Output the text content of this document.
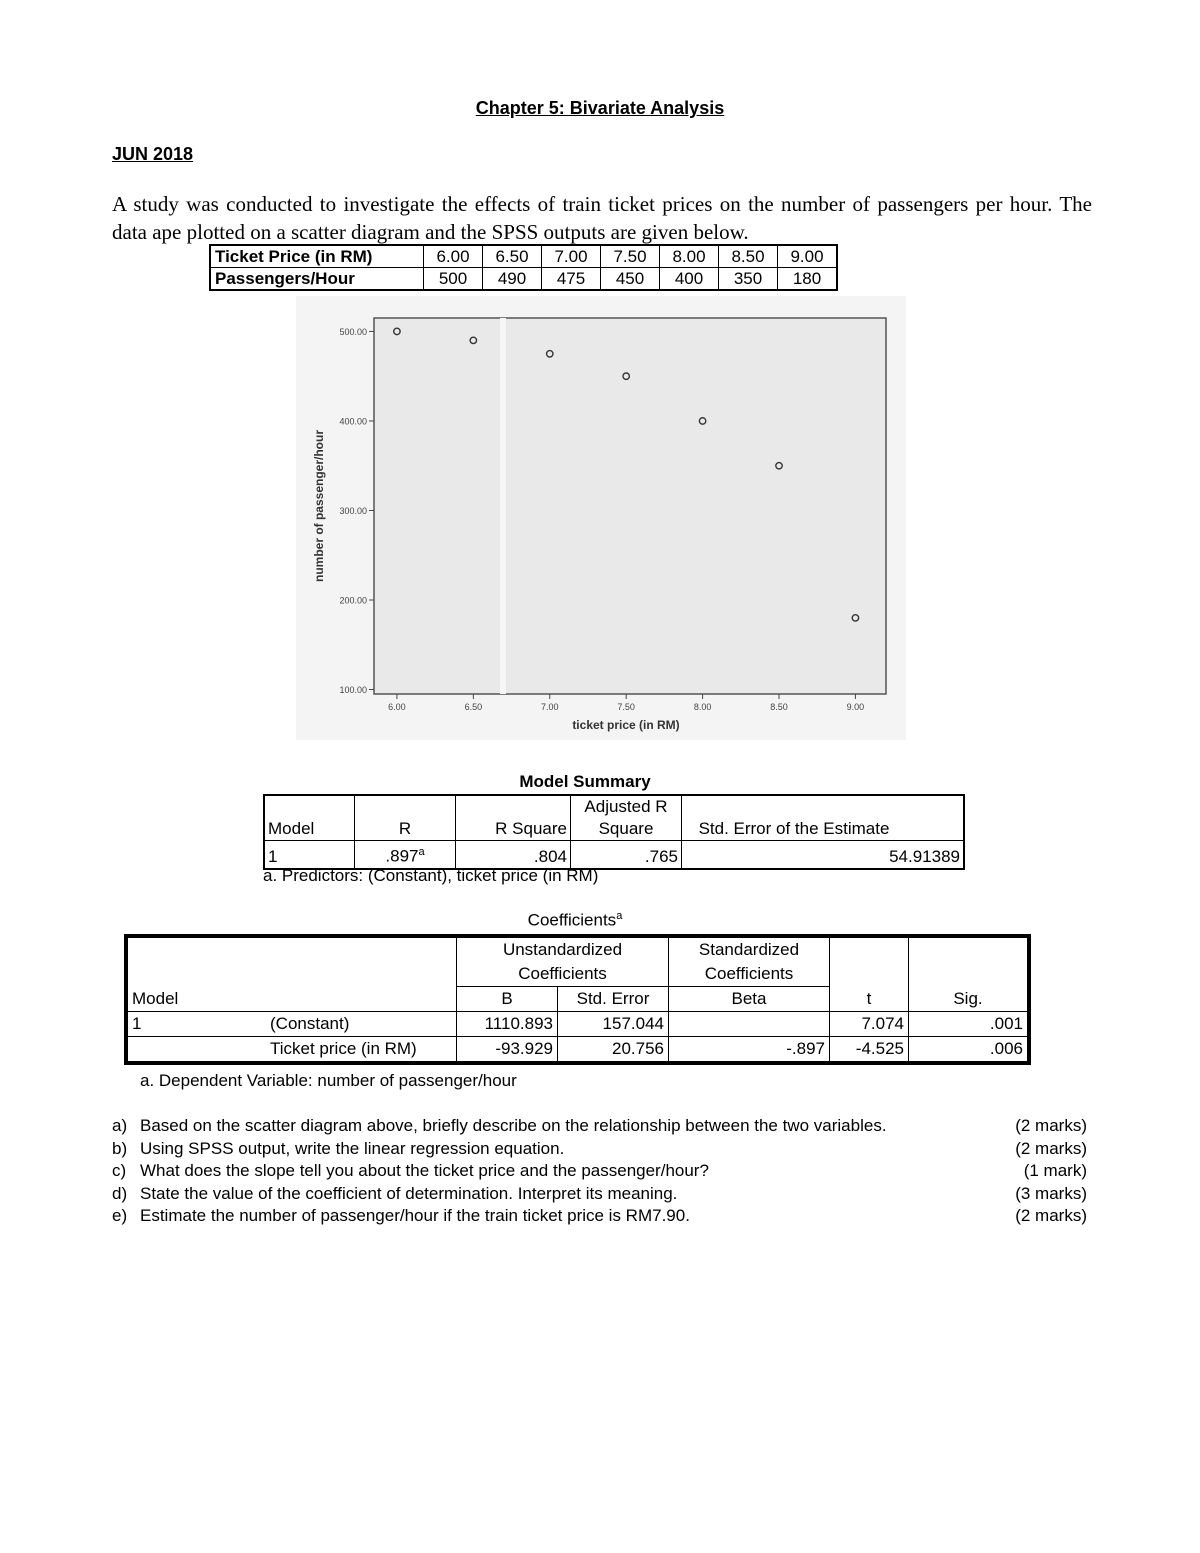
Chapter 5: Bivariate Analysis
JUN 2018
A study was conducted to investigate the effects of train ticket prices on the number of passengers per hour. The data ape plotted on a scatter diagram and the SPSS outputs are given below.
Ticket Price (in RM)	6.00	6.50	7.00	7.50	8.00	8.50	9.00
Passengers/Hour	500	490	475	450	400	350	180
100.00
200.00
300.00
400.00
500.00
6.00	6.50	7.00	7.50	8.00	8.50	9.00
ticket price (in RM)
number of passenger/hour
Model Summary
Model	R	R Square	Adjusted R Square	Std. Error of the Estimate
1	.897$^a$	.804	.765	54.91389
a. Predictors: (Constant), ticket price (in RM)
Coefficients$^a$
Model	Unstandardized Coefficients		Standardized Coefficients	t	Sig.
	B	Std. Error	Beta		
1 (Constant)	1110.893	157.044		7.074	.001
Ticket price (in RM)	-93.929	20.756	-.897	-4.525	.006
a. Dependent Variable: number of passenger/hour
a) Based on the scatter diagram above, briefly describe on the relationship between the two variables.	(2 marks)
b) Using SPSS output, write the linear regression equation.	(2 marks)
c) What does the slope tell you about the ticket price and the passenger/hour?	(1 mark)
d) State the value of the coefficient of determination. Interpret its meaning.	(3 marks)
e) Estimate the number of passenger/hour if the train ticket price is RM7.90.	(2 marks)
